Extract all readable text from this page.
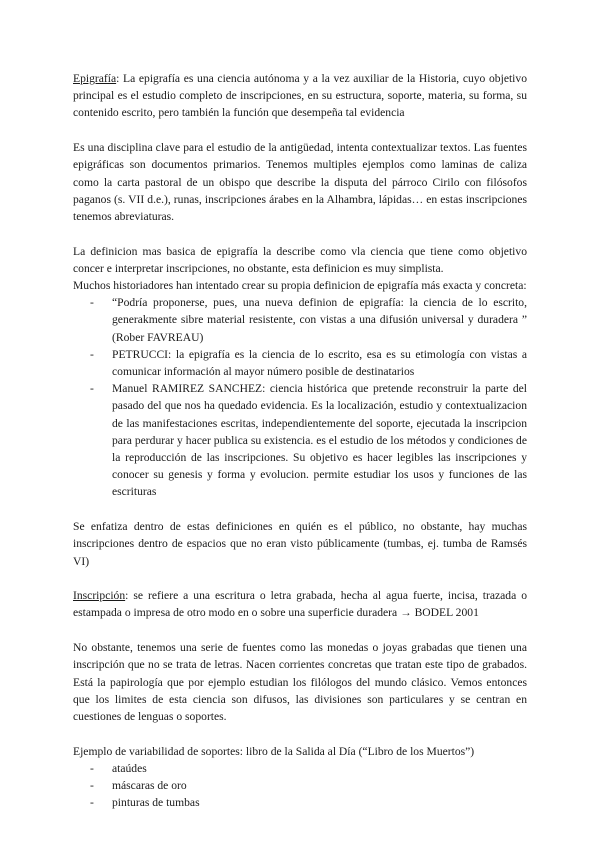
Epigrafía: La epigrafía es una ciencia autónoma y a la vez auxiliar de la Historia, cuyo objetivo principal es el estudio completo de inscripciones, en su estructura, soporte, materia, su forma, su contenido escrito, pero también la función que desempeña tal evidencia

Es una disciplina clave para el estudio de la antigüedad, intenta contextualizar textos. Las fuentes epigráficas son documentos primarios. Tenemos multiples ejemplos como laminas de caliza como la carta pastoral de un obispo que describe la disputa del párroco Cirilo con filósofos paganos (s. VII d.e.), runas, inscripciones árabes en la Alhambra, lápidas… en estas inscripciones tenemos abreviaturas.

La definicion mas basica de epigrafía la describe como vla ciencia que tiene como objetivo concer e interpretar inscripciones, no obstante, esta definicion es muy simplista.

Muchos historiadores han intentado crear su propia definicion de epigrafía más exacta y concreta:

- “Podría proponerse, pues, una nueva definion de epigrafía: la ciencia de lo escrito, generakmente sibre material resistente, con vistas a una difusión universal y duradera ” (Rober FAVREAU)
- PETRUCCI: la epigrafía es la ciencia de lo escrito, esa es su etimología con vistas a comunicar información al mayor número posible de destinatarios
- Manuel RAMIREZ SANCHEZ: ciencia histórica que pretende reconstruir la parte del pasado del que nos ha quedado evidencia. Es la localización, estudio y contextualizacion de las manifestaciones escritas, independientemente del soporte, ejecutada la inscripcion para perdurar y hacer publica su existencia. es el estudio de los métodos y condiciones de la reproducción de las inscripciones. Su objetivo es hacer legibles las inscripciones y conocer su genesis y forma y evolucion. permite estudiar los usos y funciones de las escrituras

Se enfatiza dentro de estas definiciones en quién es el público, no obstante, hay muchas inscripciones dentro de espacios que no eran visto públicamente (tumbas, ej. tumba de Ramsés VI)

Inscripción: se refiere a una escritura o letra grabada, hecha al agua fuerte, incisa, trazada o estampada o impresa de otro modo en o sobre una superficie duradera → BODEL 2001

No obstante, tenemos una serie de fuentes como las monedas o joyas grabadas que tienen una inscripción que no se trata de letras. Nacen corrientes concretas que tratan este tipo de grabados. Está la papirología que por ejemplo estudian los filólogos del mundo clásico. Vemos entonces que los limites de esta ciencia son difusos, las divisiones son particulares y se centran en cuestiones de lenguas o soportes.

Ejemplo de variabilidad de soportes: libro de la Salida al Día (“Libro de los Muertos”)

- ataúdes
- máscaras de oro
- pinturas de tumbas
